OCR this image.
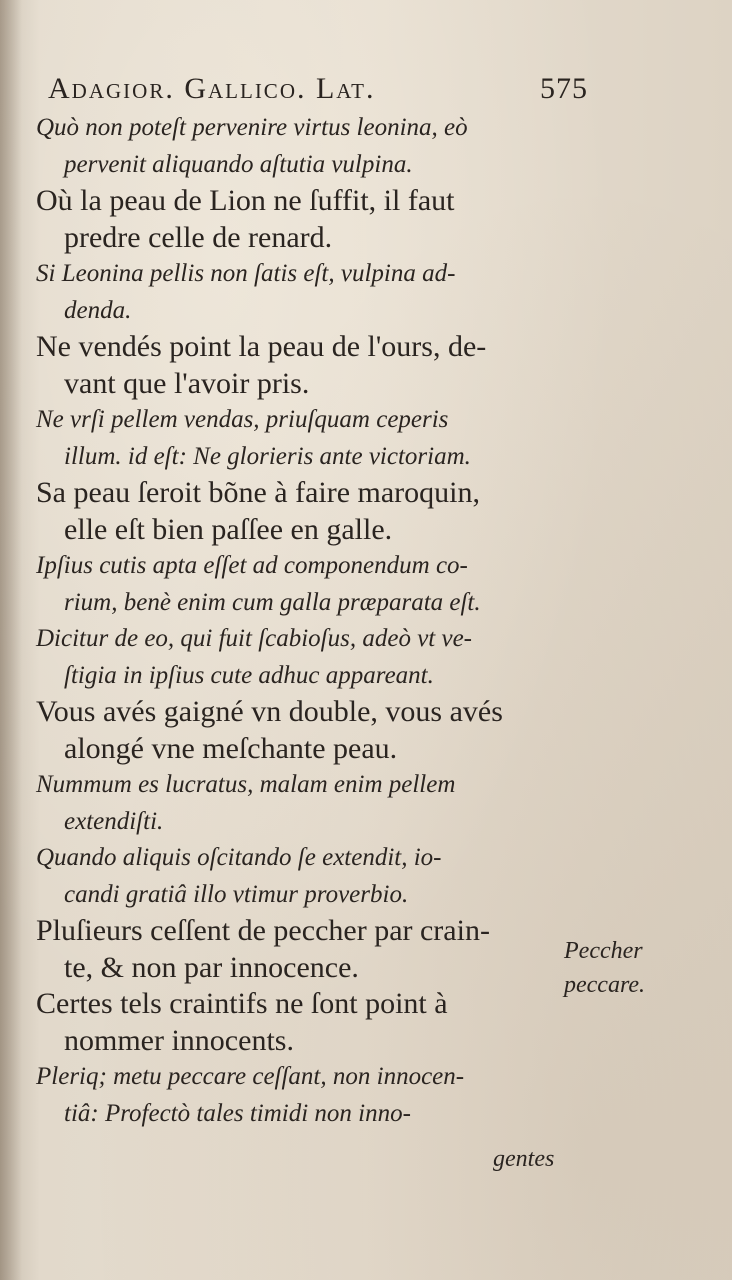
Adagior. Gallico. Lat.	575
Quò non poteſt pervenire virtus leonina, eò
pervenit aliquando aſtutia vulpina.
Où la peau de Lion ne ſuffit, il faut
predre celle de renard.
Si Leonina pellis non ſatis eſt, vulpina ad-
denda.
Ne vendés point la peau de l'ours, de-
vant que l'avoir pris.
Ne vrſi pellem vendas, priuſquam ceperis
illum. id eſt: Ne glorieris ante victoriam.
Sa peau ſeroit bõne à faire maroquin,
elle eſt bien paſſee en galle.
Ipſius cutis apta eſſet ad componendum co-
rium, benè enim cum galla præparata eſt.
Dicitur de eo, qui fuit ſcabioſus, adeò vt ve-
ſtigia in ipſius cute adhuc appareant.
Vous avés gaigné vn double, vous avés
alongé vne meſchante peau.
Nummum es lucratus, malam enim pellem
extendiſti.
Quando aliquis oſcitando ſe extendit, io-
candi gratiâ illo vtimur proverbio.
Pluſieurs ceſſent de peccher par crain-
te, & non par innocence.
Certes tels craintifs ne ſont point à
nommer innocents.
Pleriq; metu peccare ceſſant, non innocen-
tiâ: Profectò tales timidi non inno-
Peccher
peccare.
gentes
